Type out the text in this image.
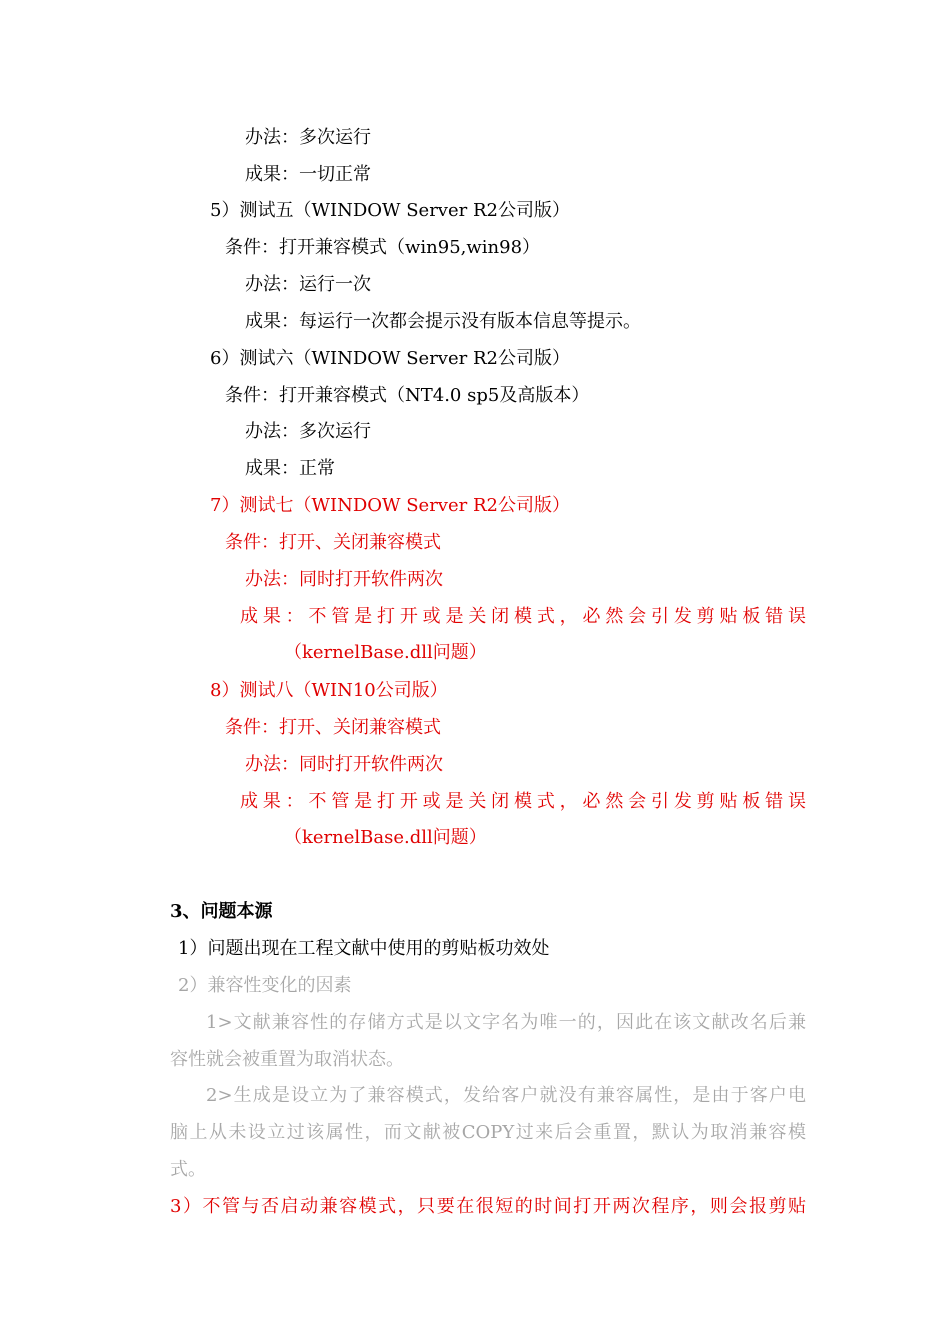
办法：多次运行
成果：一切正常
5）测试五（WINDOW Server R2公司版）
条件：打开兼容模式（win95,win98）
办法：运行一次
成果：每运行一次都会提示没有版本信息等提示。
6）测试六（WINDOW Server R2公司版）
条件：打开兼容模式（NT4.0 sp5及高版本）
办法：多次运行
成果：正常
7）测试七（WINDOW Server R2公司版）
条件：打开、关闭兼容模式
办法：同时打开软件两次
成果：不管是打开或是关闭模式，必然会引发剪贴板错误
（kernelBase.dll问题）
8）测试八（WIN10公司版）
条件：打开、关闭兼容模式
办法：同时打开软件两次
成果：不管是打开或是关闭模式，必然会引发剪贴板错误
（kernelBase.dll问题）
3、问题本源
1）问题出现在工程文献中使用的剪贴板功效处
2）兼容性变化的因素
1>文献兼容性的存储方式是以文字名为唯一的，因此在该文献改名后兼
容性就会被重置为取消状态。
2>生成是设立为了兼容模式，发给客户就没有兼容属性，是由于客户电
脑上从未设立过该属性，而文献被COPY过来后会重置，默认为取消兼容模
式。
3）不管与否启动兼容模式，只要在很短的时间打开两次程序，则会报剪贴
